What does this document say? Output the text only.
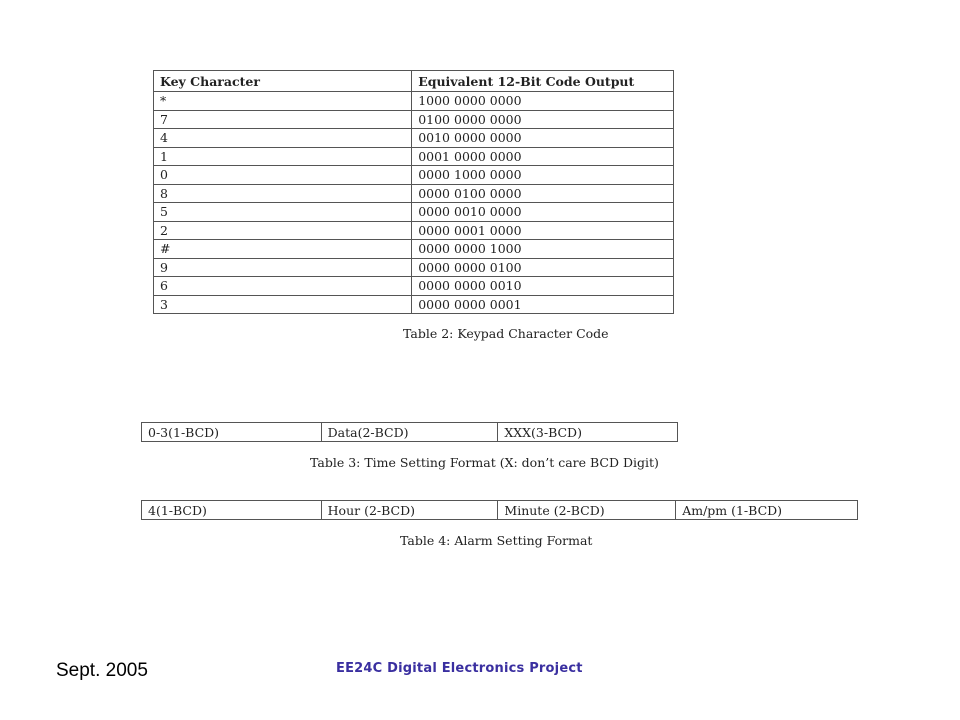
Key Character	Equivalent 12-Bit Code Output
*	1000 0000 0000
7	0100 0000 0000
4	0010 0000 0000
1	0001 0000 0000
0	0000 1000 0000
8	0000 0100 0000
5	0000 0010 0000
2	0000 0001 0000
#	0000 0000 1000
9	0000 0000 0100
6	0000 0000 0010
3	0000 0000 0001
Table 2: Keypad Character Code
0-3(1-BCD)	Data(2-BCD)	XXX(3-BCD)
Table 3: Time Setting Format (X: don’t care BCD Digit)
4(1-BCD)	Hour (2-BCD)	Minute (2-BCD)	Am/pm (1-BCD)
Table 4: Alarm Setting Format
Sept. 2005	EE24C Digital Electronics Project
